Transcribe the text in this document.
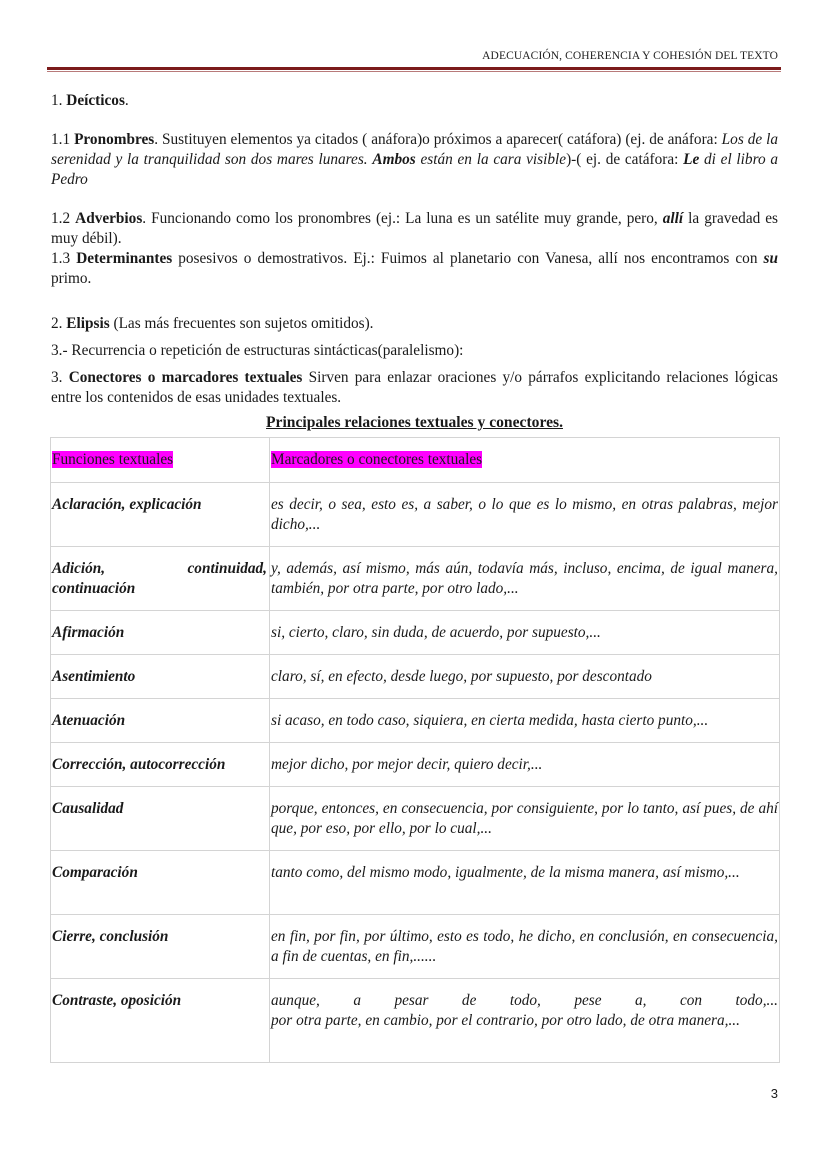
ADECUACIÓN, COHERENCIA Y COHESIÓN DEL TEXTO

1. Deícticos.

1.1 Pronombres. Sustituyen elementos ya citados ( anáfora)o próximos a aparecer( catáfora) (ej. de anáfora: Los de la serenidad y la tranquilidad son dos mares lunares. Ambos están en la cara visible)-( ej. de catáfora: Le di el libro a Pedro

1.2 Adverbios. Funcionando como los pronombres (ej.: La luna es un satélite muy grande, pero, allí la gravedad es muy débil).

1.3 Determinantes posesivos o demostrativos. Ej.: Fuimos al planetario con Vanesa, allí nos encontramos con su primo.

2. Elipsis (Las más frecuentes son sujetos omitidos).

3.- Recurrencia o repetición de estructuras sintácticas(paralelismo):

3. Conectores o marcadores textuales Sirven para enlazar oraciones y/o párrafos explicitando relaciones lógicas entre los contenidos de esas unidades textuales.

Principales relaciones textuales y conectores.

Funciones textuales	Marcadores o conectores textuales

Aclaración, explicación	es decir, o sea, esto es, a saber, o lo que es lo mismo, en otras palabras, mejor dicho,...

Adición, continuidad,
continuación	y, además, así mismo, más aún, todavía más, incluso, encima, de igual manera, también, por otra parte, por otro lado,...

Afirmación	si, cierto, claro, sin duda, de acuerdo, por supuesto,...

Asentimiento	claro, sí, en efecto, desde luego, por supuesto, por descontado

Atenuación	si acaso, en todo caso, siquiera, en cierta medida, hasta cierto punto,...

Corrección, autocorrección	mejor dicho, por mejor decir, quiero decir,...

Causalidad	porque, entonces, en consecuencia, por consiguiente, por lo tanto, así pues, de ahí que, por eso, por ello, por lo cual,...

Comparación	tanto como, del mismo modo, igualmente, de la misma manera, así mismo,...

Cierre, conclusión	en fin, por fin, por último, esto es todo, he dicho, en conclusión, en consecuencia, a fin de cuentas, en fin,......

Contraste, oposición	aunque, a pesar de todo, pese a, con todo,...
por otra parte, en cambio, por el contrario, por otro lado, de otra manera,...
3
